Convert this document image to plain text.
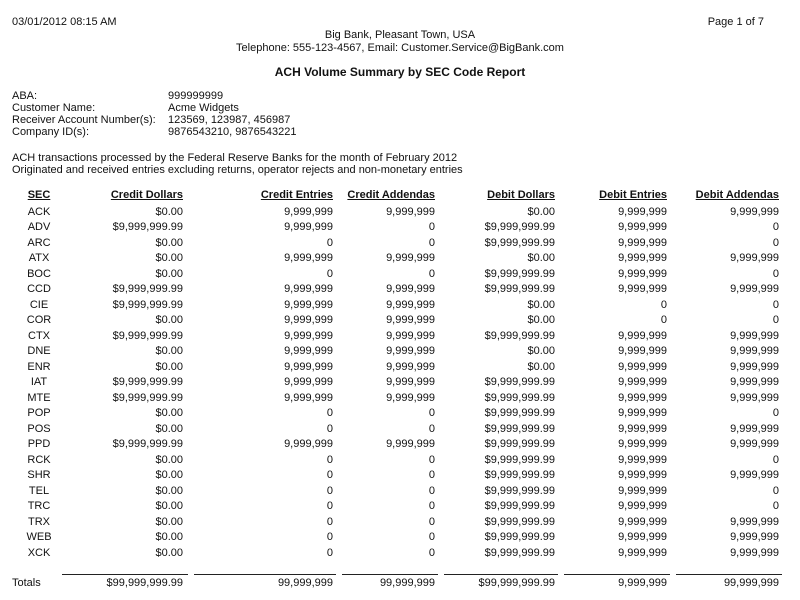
03/01/2012 08:15 AM	Page 1 of 7
Big Bank, Pleasant Town, USA
Telephone: 555-123-4567, Email: Customer.Service@BigBank.com
ACH Volume Summary by SEC Code Report
ABA:	999999999
Customer Name:	Acme Widgets
Receiver Account Number(s): 123569, 123987, 456987
Company ID(s):	9876543210, 9876543221
ACH transactions processed by the Federal Reserve Banks for the month of February 2012
Originated and received entries excluding returns, operator rejects and non-monetary entries
SEC	Credit Dollars	Credit Entries	Credit Addendas	Debit Dollars	Debit Entries	Debit Addendas
ACK	$0.00	9,999,999	9,999,999	$0.00	9,999,999	9,999,999
ADV	$9,999,999.99	9,999,999	0	$9,999,999.99	9,999,999	0
ARC	$0.00	0	0	$9,999,999.99	9,999,999	0
ATX	$0.00	9,999,999	9,999,999	$0.00	9,999,999	9,999,999
BOC	$0.00	0	0	$9,999,999.99	9,999,999	0
CCD	$9,999,999.99	9,999,999	9,999,999	$9,999,999.99	9,999,999	9,999,999
CIE	$9,999,999.99	9,999,999	9,999,999	$0.00	0	0
COR	$0.00	9,999,999	9,999,999	$0.00	0	0
CTX	$9,999,999.99	9,999,999	9,999,999	$9,999,999.99	9,999,999	9,999,999
DNE	$0.00	9,999,999	9,999,999	$0.00	9,999,999	9,999,999
ENR	$0.00	9,999,999	9,999,999	$0.00	9,999,999	9,999,999
IAT	$9,999,999.99	9,999,999	9,999,999	$9,999,999.99	9,999,999	9,999,999
MTE	$9,999,999.99	9,999,999	9,999,999	$9,999,999.99	9,999,999	9,999,999
POP	$0.00	0	0	$9,999,999.99	9,999,999	0
POS	$0.00	0	0	$9,999,999.99	9,999,999	9,999,999
PPD	$9,999,999.99	9,999,999	9,999,999	$9,999,999.99	9,999,999	9,999,999
RCK	$0.00	0	0	$9,999,999.99	9,999,999	0
SHR	$0.00	0	0	$9,999,999.99	9,999,999	9,999,999
TEL	$0.00	0	0	$9,999,999.99	9,999,999	0
TRC	$0.00	0	0	$9,999,999.99	9,999,999	0
TRX	$0.00	0	0	$9,999,999.99	9,999,999	9,999,999
WEB	$0.00	0	0	$9,999,999.99	9,999,999	9,999,999
XCK	$0.00	0	0	$9,999,999.99	9,999,999	9,999,999
Totals	$99,999,999.99	99,999,999	99,999,999	$99,999,999.99	9,999,999	99,999,999
